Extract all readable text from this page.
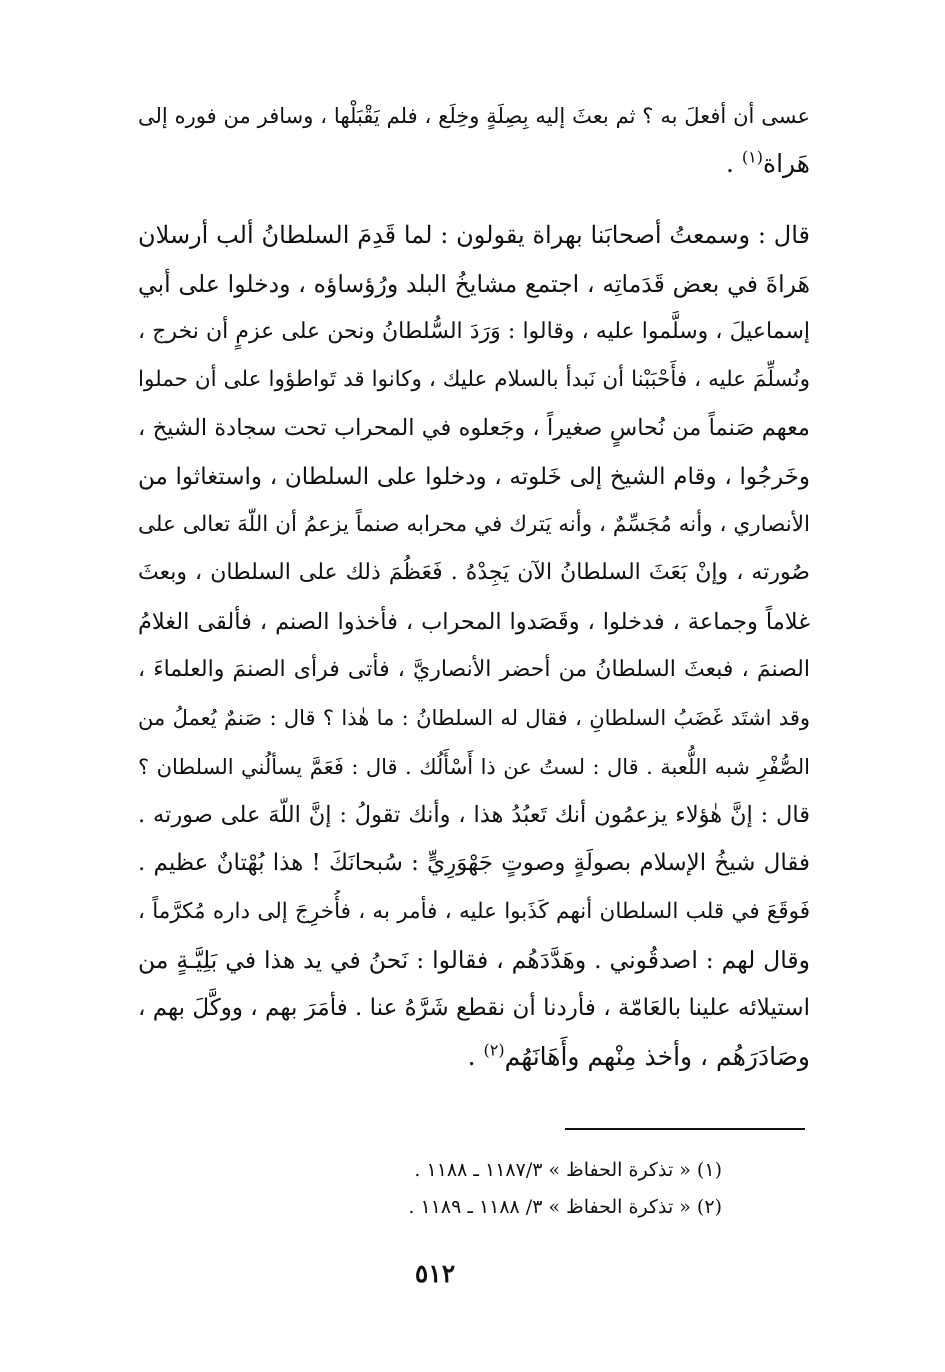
عسى أن أفعلَ به ؟ ثم بعثَ إليه بِصِلَةٍ وخِلَع ، فلم يَقْبَلْها ، وسافر من فوره إلى
هَراة$^{(١)}$ .
قال : وسمعتُ أصحابَنا بهراة يقولون : لما قَدِمَ السلطانُ ألب أرسلان
هَراةَ في بعض قَدَماتِه ، اجتمع مشايخُ البلد ورُؤساؤه ، ودخلوا على أبي
إسماعيلَ ، وسلَّموا عليه ، وقالوا : وَرَدَ السُّلطانُ ونحن على عزمٍ أن نخرج ،
ونُسلِّمَ عليه ، فأَحْبَبْنا أن نَبدأ بالسلام عليك ، وكانوا قد تَواطؤوا على أن حملوا
معهم صَنماً من نُحاسٍ صغيراً ، وجَعلوه في المحراب تحت سجادة الشيخ ،
وخَرجُوا ، وقام الشيخ إلى خَلوته ، ودخلوا على السلطان ، واستغاثوا من
الأنصاري ، وأنه مُجَسِّمٌ ، وأنه يَترك في محرابه صنماً يزعمُ أن اللّهَ تعالى على
صُورته ، وإنْ بَعَثَ السلطانُ الآن يَجِدْهُ . فَعَظُمَ ذلك على السلطان ، وبعثَ
غلاماً وجماعة ، فدخلوا ، وقَصَدوا المحراب ، فأخذوا الصنم ، فألقى الغلامُ
الصنمَ ، فبعثَ السلطانُ من أحضر الأنصاريَّ ، فأتى فرأى الصنمَ والعلماءَ ،
وقد اشتَد غَضَبُ السلطانِ ، فقال له السلطانُ : ما هٰذا ؟ قال : صَنمٌ يُعملُ من
الصُّفْرِ شبه اللُّعبة . قال : لستُ عن ذا أَسْأَلُك . قال : فَعَمَّ يسألُني السلطان ؟
قال : إنَّ هٰؤلاء يزعمُون أنك تَعبُدُ هذا ، وأنك تقولُ : إنَّ اللّهَ على صورته .
فقال شيخُ الإسلام بصولَةٍ وصوتٍ جَهْوَرِيٍّ : سُبحانَكَ ! هذا بُهْتانٌ عظيم .
فَوقَعَ في قلب السلطان أنهم كَذَبوا عليه ، فأمر به ، فأُخرِجَ إلى داره مُكرَّماً ،
وقال لهم : اصدقُوني . وهَدَّدَهُم ، فقالوا : نَحنُ في يد هذا في بَلِيَّـةٍ من
استيلائه علينا بالعَامّة ، فأردنا أن نقطع شَرَّهُ عنا . فأمَرَ بهم ، ووكَّلَ بهم ،
وصَادَرَهُم ، وأخذ مِنْهم وأَهَانَهُم$^{(٢)}$ .
(١) « تذكرة الحفاظ » ١١٨٧/٣ ـ ١١٨٨ .
(٢) « تذكرة الحفاظ » ٣/ ١١٨٨ ـ ١١٨٩ .
٥١٢
